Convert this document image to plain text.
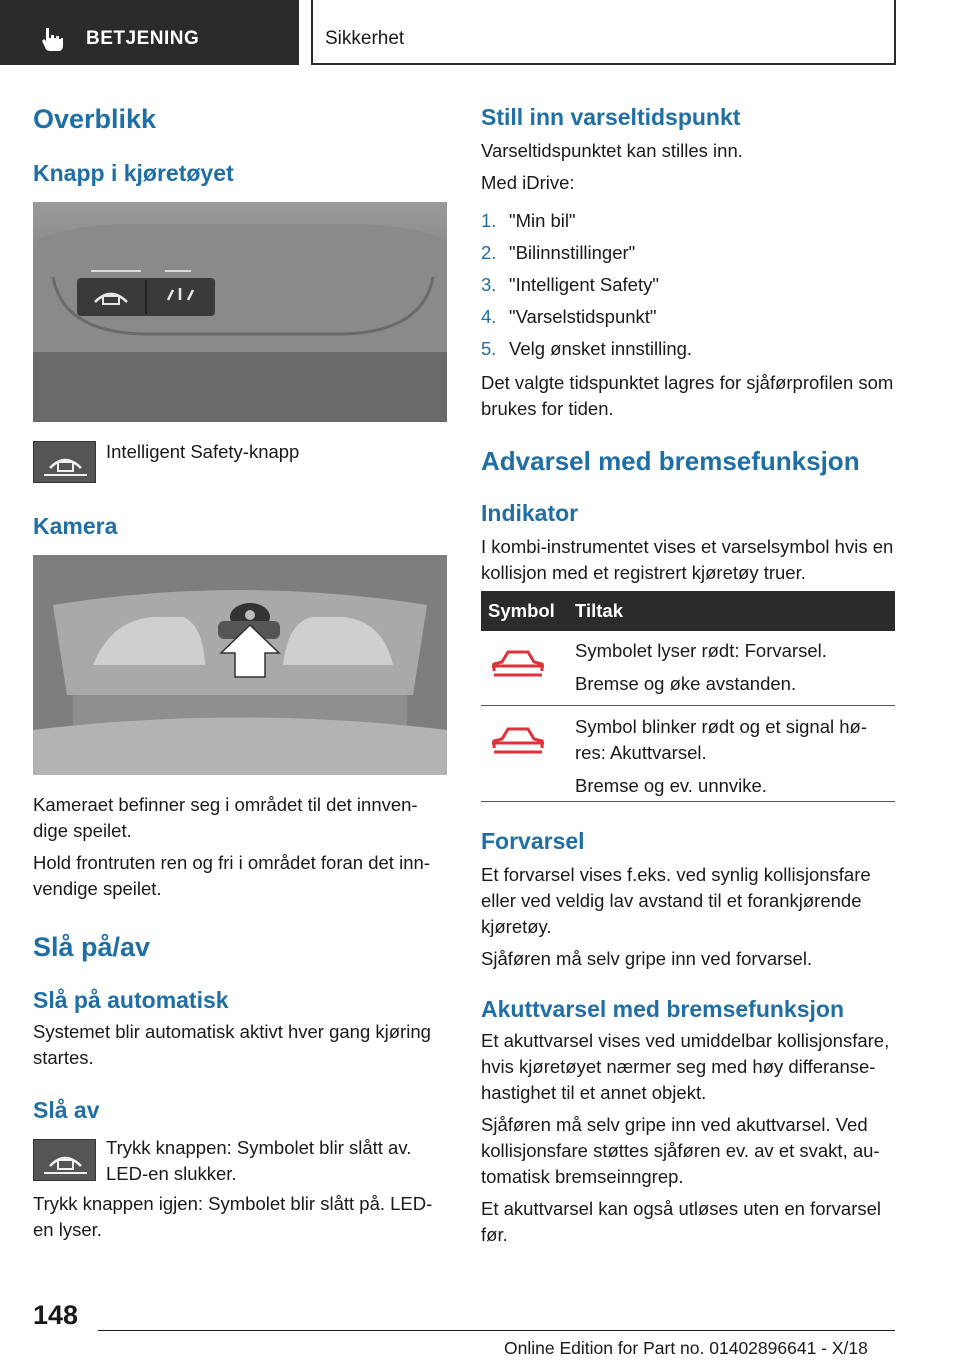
BETJENING	Sikkerhet
Overblikk
Knapp i kjøretøyet
Intelligent Safety-knapp
Kamera
Kameraet befinner seg i området til det innven-dige speilet.
Hold frontruten ren og fri i området foran det inn-vendige speilet.
Slå på/av
Slå på automatisk
Systemet blir automatisk aktivt hver gang kjøring startes.
Slå av
Trykk knappen: Symbolet blir slått av. LED-en slukker.
Trykk knappen igjen: Symbolet blir slått på. LED-en lyser.
Still inn varseltidspunkt
Varseltidspunktet kan stilles inn.
Med iDrive:
1. "Min bil"
2. "Bilinnstillinger"
3. "Intelligent Safety"
4. "Varselstidspunkt"
5. Velg ønsket innstilling.
Det valgte tidspunktet lagres for sjåførprofilen som brukes for tiden.
Advarsel med bremsefunksjon
Indikator
I kombi-instrumentet vises et varselsymbol hvis en kollisjon med et registrert kjøretøy truer.
Symbol Tiltak
Symbolet lyser rødt: Forvarsel.
Bremse og øke avstanden.
Symbol blinker rødt og et signal hø-res: Akuttvarsel.
Bremse og ev. unnvike.
Forvarsel
Et forvarsel vises f.eks. ved synlig kollisjonsfare eller ved veldig lav avstand til et forankjørende kjøretøy.
Sjåføren må selv gripe inn ved forvarsel.
Akuttvarsel med bremsefunksjon
Et akuttvarsel vises ved umiddelbar kollisjonsfare, hvis kjøretøyet nærmer seg med høy differanse-hastighet til et annet objekt.
Sjåføren må selv gripe inn ved akuttvarsel. Ved kollisjonsfare støttes sjåføren ev. av et svakt, au-tomatisk bremseinngrep.
Et akuttvarsel kan også utløses uten en forvarsel før.
148
Online Edition for Part no. 01402896641 - X/18
